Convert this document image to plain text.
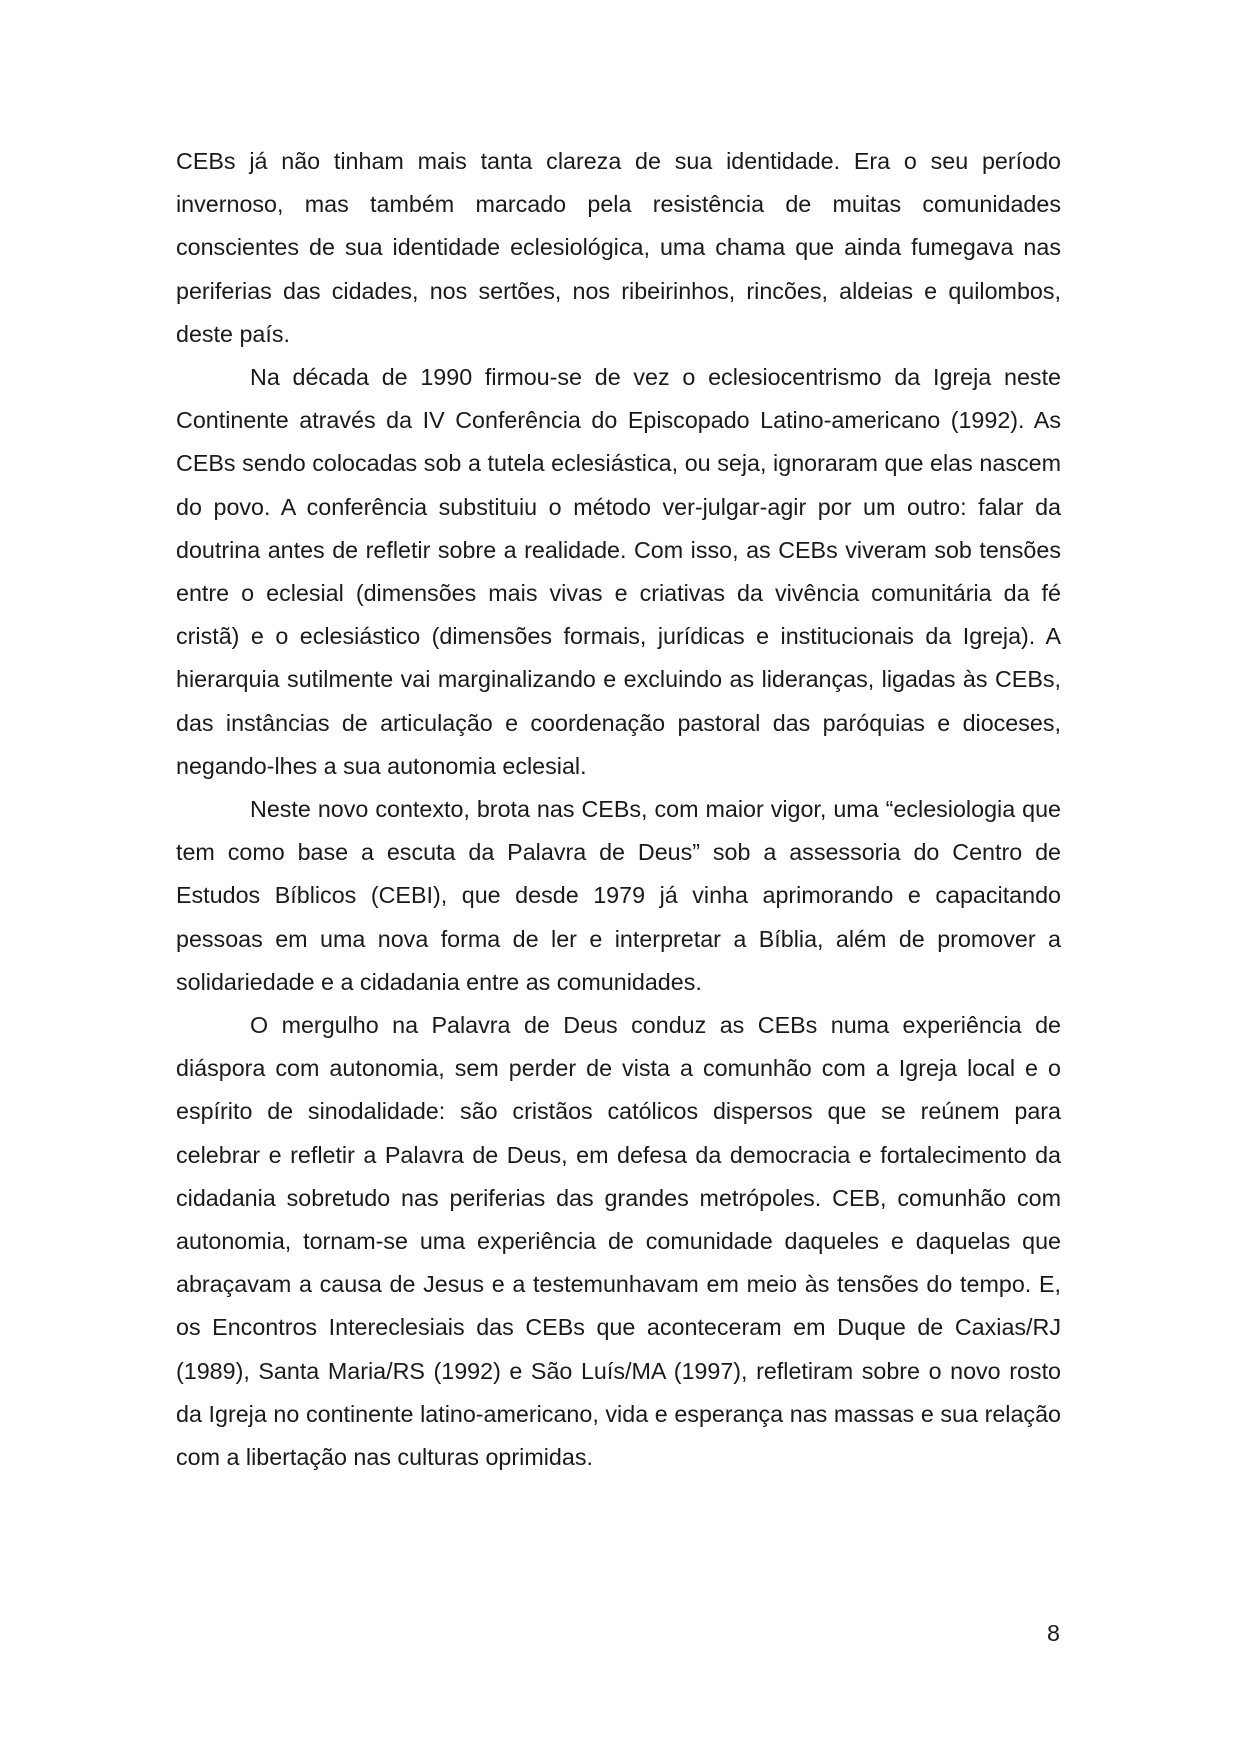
CEBs já não tinham mais tanta clareza de sua identidade. Era o seu período invernoso, mas também marcado pela resistência de muitas comunidades conscientes de sua identidade eclesiológica, uma chama que ainda fumegava nas periferias das cidades, nos sertões, nos ribeirinhos, rincões, aldeias e quilombos, deste país.

Na década de 1990 firmou-se de vez o eclesiocentrismo da Igreja neste Continente através da IV Conferência do Episcopado Latino-americano (1992). As CEBs sendo colocadas sob a tutela eclesiástica, ou seja, ignoraram que elas nascem do povo. A conferência substituiu o método ver-julgar-agir por um outro: falar da doutrina antes de refletir sobre a realidade. Com isso, as CEBs viveram sob tensões entre o eclesial (dimensões mais vivas e criativas da vivência comunitária da fé cristã) e o eclesiástico (dimensões formais, jurídicas e institucionais da Igreja). A hierarquia sutilmente vai marginalizando e excluindo as lideranças, ligadas às CEBs, das instâncias de articulação e coordenação pastoral das paróquias e dioceses, negando-lhes a sua autonomia eclesial.

Neste novo contexto, brota nas CEBs, com maior vigor, uma “eclesiologia que tem como base a escuta da Palavra de Deus” sob a assessoria do Centro de Estudos Bíblicos (CEBI), que desde 1979 já vinha aprimorando e capacitando pessoas em uma nova forma de ler e interpretar a Bíblia, além de promover a solidariedade e a cidadania entre as comunidades.

O mergulho na Palavra de Deus conduz as CEBs numa experiência de diáspora com autonomia, sem perder de vista a comunhão com a Igreja local e o espírito de sinodalidade: são cristãos católicos dispersos que se reúnem para celebrar e refletir a Palavra de Deus, em defesa da democracia e fortalecimento da cidadania sobretudo nas periferias das grandes metrópoles. CEB, comunhão com autonomia, tornam-se uma experiência de comunidade daqueles e daquelas que abraçavam a causa de Jesus e a testemunhavam em meio às tensões do tempo. E, os Encontros Intereclesiais das CEBs que aconteceram em Duque de Caxias/RJ (1989), Santa Maria/RS (1992) e São Luís/MA (1997), refletiram sobre o novo rosto da Igreja no continente latino-americano, vida e esperança nas massas e sua relação com a libertação nas culturas oprimidas.

8
